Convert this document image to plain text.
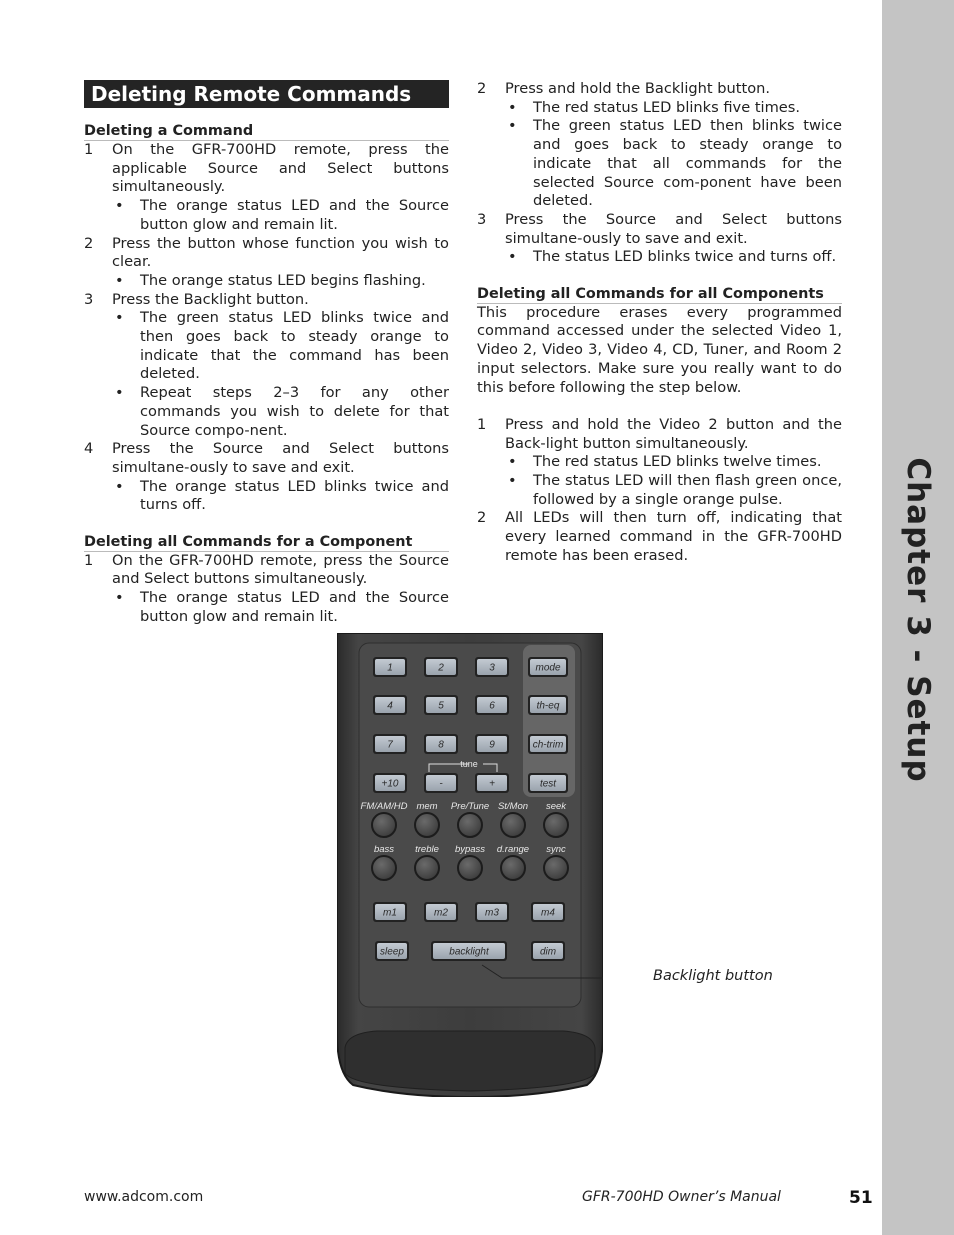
Chapter 3 - Setup
Deleting Remote Commands
Deleting a Command
1	On the GFR-700HD remote, press the applicable Source and Select buttons simultaneously.
•	The orange status LED and the Source button glow and remain lit.
2	Press the button whose function you wish to clear.
•	The orange status LED begins flashing.
3	Press the Backlight button.
•	The green status LED blinks twice and then goes back to steady orange to indicate that the command has been deleted.
•	Repeat steps 2–3 for any other commands you wish to delete for that Source compo-nent.
4	Press the Source and Select buttons simultane-ously to save and exit.
•	The orange status LED blinks twice and turns off.
Deleting all Commands for a Component
1	On the GFR-700HD remote, press the Source and Select buttons simultaneously.
•	The orange status LED and the Source button glow and remain lit.
2	Press and hold the Backlight button.
•	The red status LED blinks five times.
•	The green status LED then blinks twice and goes back to steady orange to indicate that all commands for the selected Source com-ponent have been deleted.
3	Press the Source and Select buttons simultane-ously to save and exit.
•	The status LED blinks twice and turns off.
Deleting all Commands for all Components

This procedure erases every programmed command accessed under the selected Video 1, Video 2, Video 3, Video 4, CD, Tuner, and Room 2 input selectors. Make sure you really want to do this before following the step below.

1	Press and hold the Video 2 button and the Back-light button simultaneously.
•	The red status LED blinks twelve times.
•	The status LED will then flash green once, followed by a single orange pulse.
2	All LEDs will then turn off, indicating that every learned command in the GFR-700HD remote has been erased.
1	2	3	mode
4	5	6	th-eq
7	8	9	ch-trim
+10	-	+	test
tune
FM/AM/HD mem Pre/Tune St/Mon seek
bass treble bypass d.range sync
m1	m2	m3	m4
sleep	backlight	dim
Backlight button
www.adcom.com	GFR-700HD Owner’s Manual	51
